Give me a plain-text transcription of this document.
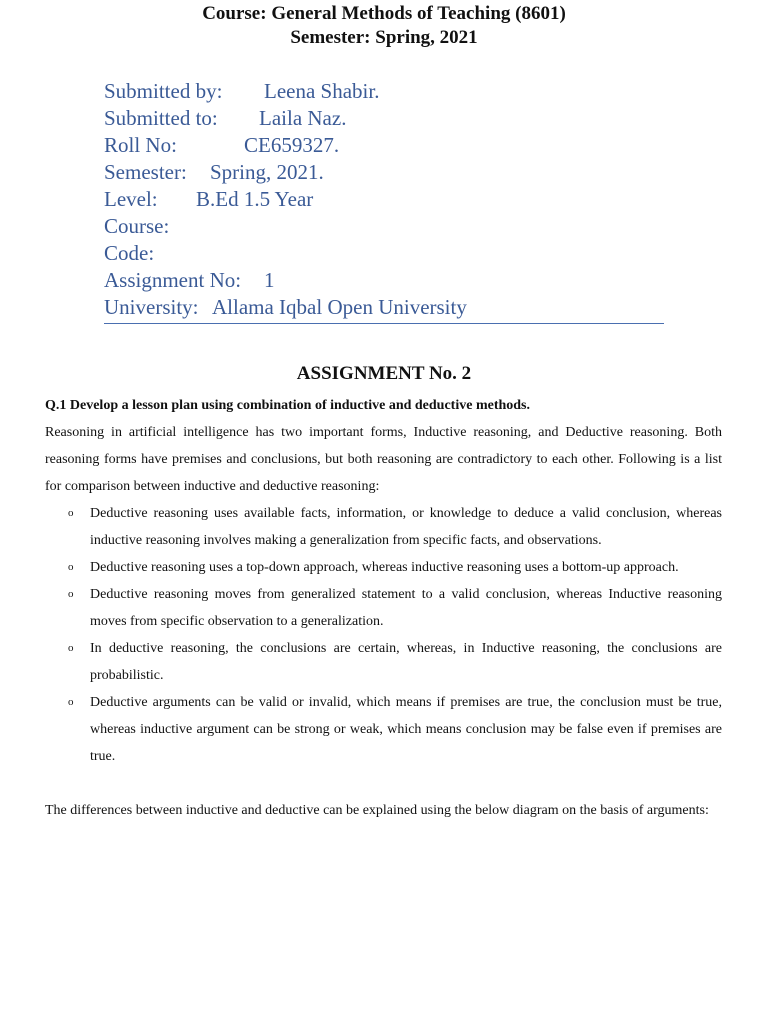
Course: General Methods of Teaching (8601)
Semester: Spring, 2021
Submitted by: Leena Shabir.
Submitted to: Laila Naz.
Roll No:	CE659327.
Semester: Spring, 2021.
Level: B.Ed 1.5 Year
Course:
Code:
Assignment No: 1
University: Allama Iqbal Open University
ASSIGNMENT No. 2
Q.1 Develop a lesson plan using combination of inductive and deductive methods.
Reasoning in artificial intelligence has two important forms, Inductive reasoning, and Deductive reasoning. Both reasoning forms have premises and conclusions, but both reasoning are contradictory to each other. Following is a list for comparison between inductive and deductive reasoning:
o Deductive reasoning uses available facts, information, or knowledge to deduce a valid conclusion, whereas inductive reasoning involves making a generalization from specific facts, and observations.
o Deductive reasoning uses a top-down approach, whereas inductive reasoning uses a bottom-up approach.
o Deductive reasoning moves from generalized statement to a valid conclusion, whereas Inductive reasoning moves from specific observation to a generalization.
o In deductive reasoning, the conclusions are certain, whereas, in Inductive reasoning, the conclusions are probabilistic.
o Deductive arguments can be valid or invalid, which means if premises are true, the conclusion must be true, whereas inductive argument can be strong or weak, which means conclusion may be false even if premises are true.
The differences between inductive and deductive can be explained using the below diagram on the basis of arguments:
